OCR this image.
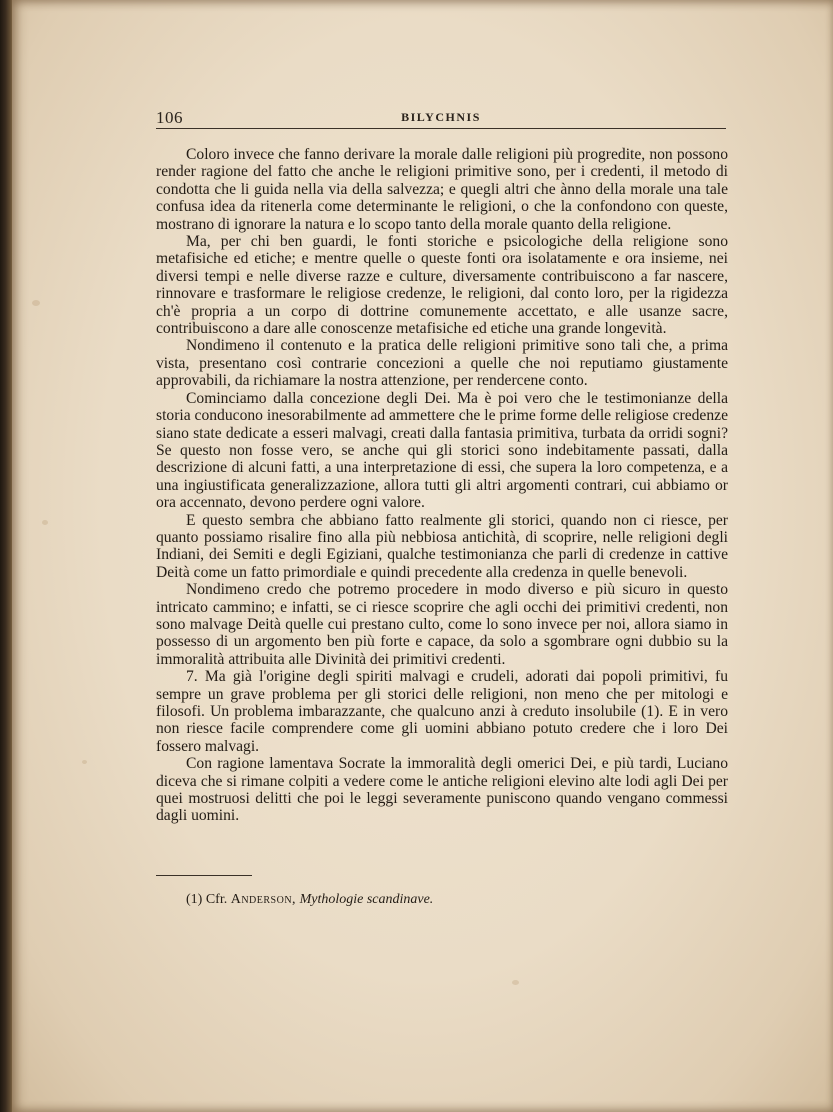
106	BILYCHNIS

Coloro invece che fanno derivare la morale dalle religioni più progredite, non possono render ragione del fatto che anche le religioni primitive sono, per i credenti, il metodo di condotta che li guida nella via della salvezza; e quegli altri che ànno della morale una tale confusa idea da ritenerla come determinante le religioni, o che la confondono con queste, mostrano di ignorare la natura e lo scopo tanto della morale quanto della religione.

Ma, per chi ben guardi, le fonti storiche e psicologiche della religione sono metafisiche ed etiche; e mentre quelle o queste fonti ora isolatamente e ora insieme, nei diversi tempi e nelle diverse razze e culture, diversamente contribuiscono a far nascere, rinnovare e trasformare le religiose credenze, le religioni, dal conto loro, per la rigidezza ch'è propria a un corpo di dottrine comunemente accettato, e alle usanze sacre, contribuiscono a dare alle conoscenze metafisiche ed etiche una grande longevità.

Nondimeno il contenuto e la pratica delle religioni primitive sono tali che, a prima vista, presentano così contrarie concezioni a quelle che noi reputiamo giustamente approvabili, da richiamare la nostra attenzione, per rendercene conto.

Cominciamo dalla concezione degli Dei. Ma è poi vero che le testimonianze della storia conducono inesorabilmente ad ammettere che le prime forme delle religiose credenze siano state dedicate a esseri malvagi, creati dalla fantasia primitiva, turbata da orridi sogni? Se questo non fosse vero, se anche qui gli storici sono indebitamente passati, dalla descrizione di alcuni fatti, a una interpretazione di essi, che supera la loro competenza, e a una ingiustificata generalizzazione, allora tutti gli altri argomenti contrari, cui abbiamo or ora accennato, devono perdere ogni valore.

E questo sembra che abbiano fatto realmente gli storici, quando non ci riesce, per quanto possiamo risalire fino alla più nebbiosa antichità, di scoprire, nelle religioni degli Indiani, dei Semiti e degli Egiziani, qualche testimonianza che parli di credenze in cattive Deità come un fatto primordiale e quindi precedente alla credenza in quelle benevoli.

Nondimeno credo che potremo procedere in modo diverso e più sicuro in questo intricato cammino; e infatti, se ci riesce scoprire che agli occhi dei primitivi credenti, non sono malvage Deità quelle cui prestano culto, come lo sono invece per noi, allora siamo in possesso di un argomento ben più forte e capace, da solo a sgombrare ogni dubbio su la immoralità attribuita alle Divinità dei primitivi credenti.

7. Ma già l'origine degli spiriti malvagi e crudeli, adorati dai popoli primitivi, fu sempre un grave problema per gli storici delle religioni, non meno che per mitologi e filosofi. Un problema imbarazzante, che qualcuno anzi à creduto insolubile (1). E in vero non riesce facile comprendere come gli uomini abbiano potuto credere che i loro Dei fossero malvagi.

Con ragione lamentava Socrate la immoralità degli omerici Dei, e più tardi, Luciano diceva che si rimane colpiti a vedere come le antiche religioni elevino alte lodi agli Dei per quei mostruosi delitti che poi le leggi severamente puniscono quando vengano commessi dagli uomini.

(1) Cfr. Anderson, Mythologie scandinave.
